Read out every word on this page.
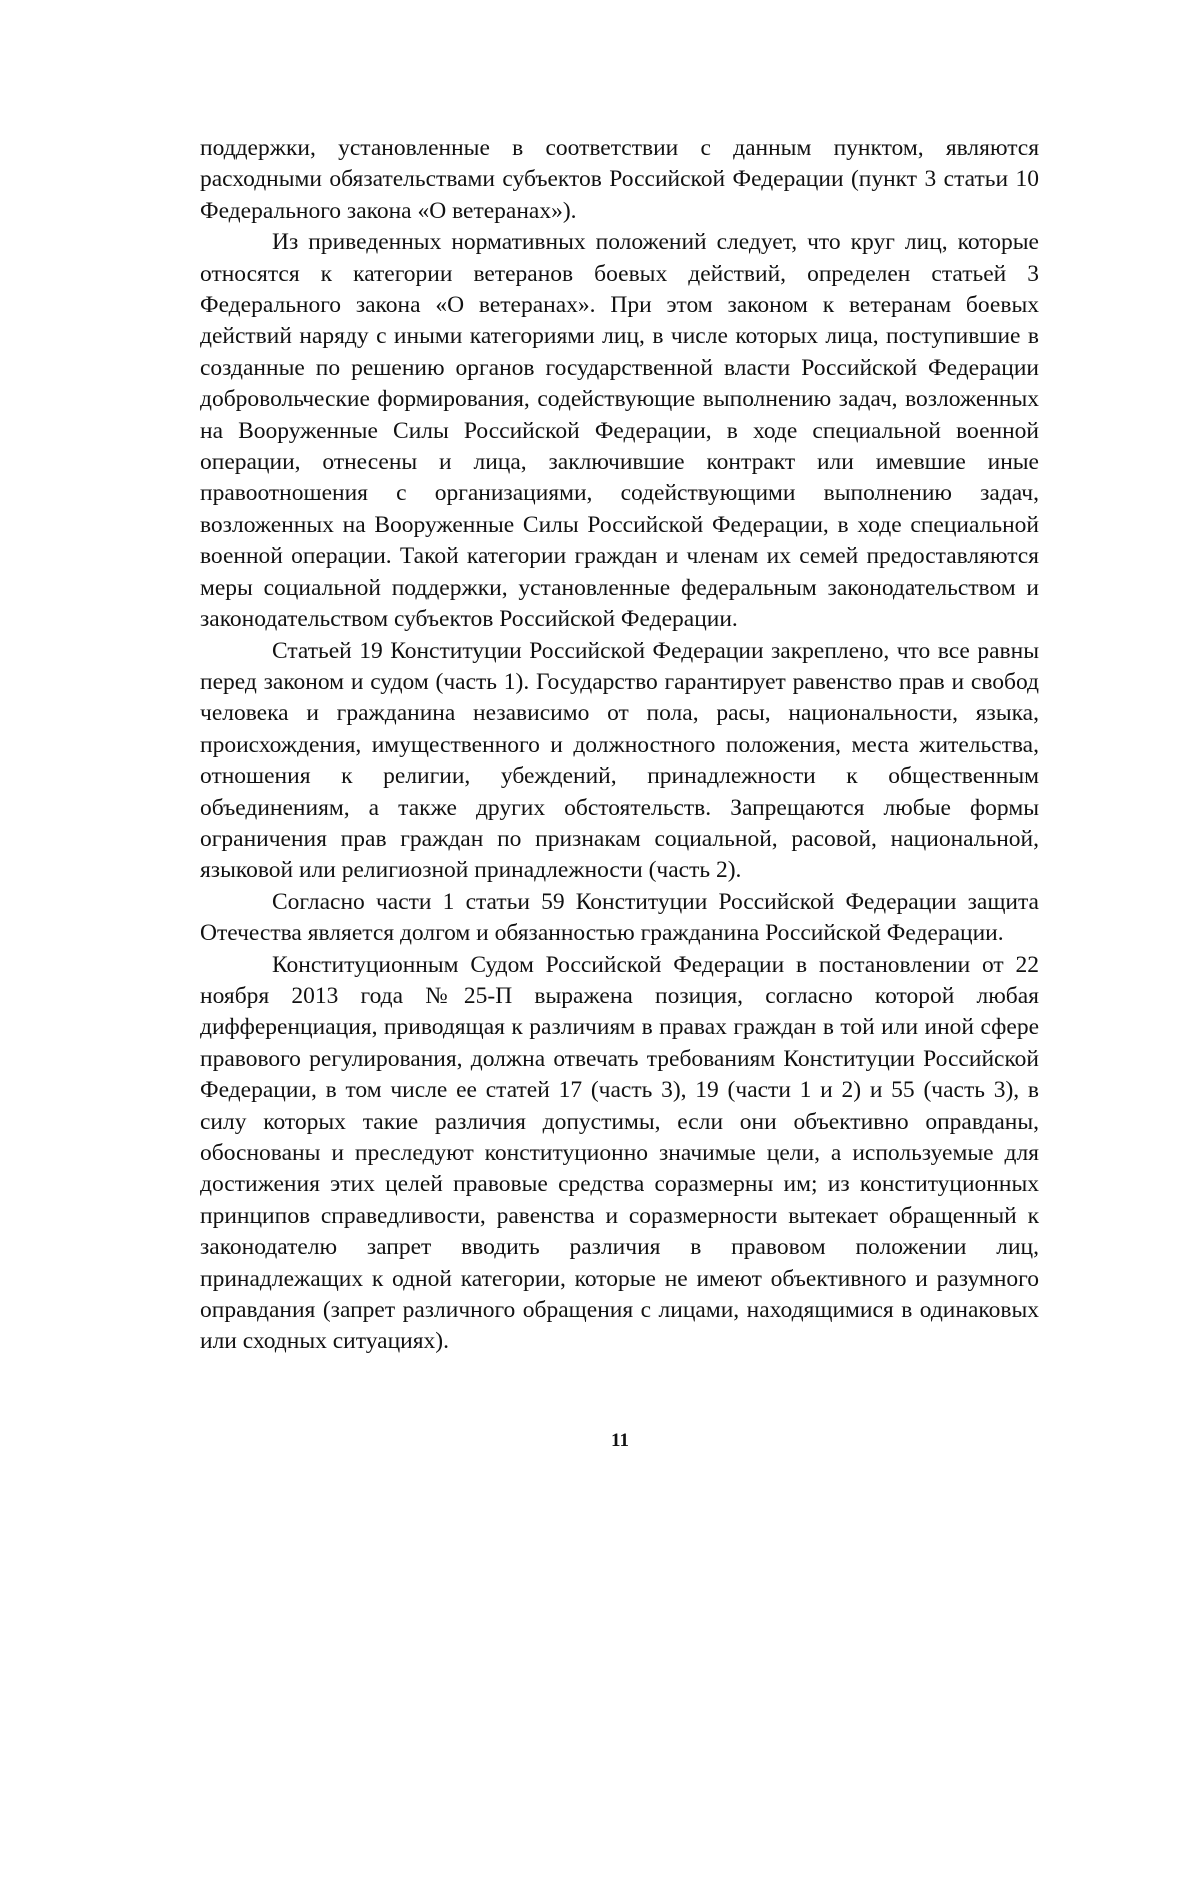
поддержки, установленные в соответствии с данным пунктом, являются расходными обязательствами субъектов Российской Федерации (пункт 3 статьи 10 Федерального закона «О ветеранах»).

Из приведенных нормативных положений следует, что круг лиц, которые относятся к категории ветеранов боевых действий, определен статьей 3 Федерального закона «О ветеранах». При этом законом к ветеранам боевых действий наряду с иными категориями лиц, в числе которых лица, поступившие в созданные по решению органов государственной власти Российской Федерации добровольческие формирования, содействующие выполнению задач, возложенных на Вооруженные Силы Российской Федерации, в ходе специальной военной операции, отнесены и лица, заключившие контракт или имевшие иные правоотношения с организациями, содействующими выполнению задач, возложенных на Вооруженные Силы Российской Федерации, в ходе специальной военной операции. Такой категории граждан и членам их семей предоставляются меры социальной поддержки, установленные федеральным законодательством и законодательством субъектов Российской Федерации.

Статьей 19 Конституции Российской Федерации закреплено, что все равны перед законом и судом (часть 1). Государство гарантирует равенство прав и свобод человека и гражданина независимо от пола, расы, национальности, языка, происхождения, имущественного и должностного положения, места жительства, отношения к религии, убеждений, принадлежности к общественным объединениям, а также других обстоятельств. Запрещаются любые формы ограничения прав граждан по признакам социальной, расовой, национальной, языковой или религиозной принадлежности (часть 2).

Согласно части 1 статьи 59 Конституции Российской Федерации защита Отечества является долгом и обязанностью гражданина Российской Федерации.

Конституционным Судом Российской Федерации в постановлении от 22 ноября 2013 года №25-П выражена позиция, согласно которой любая дифференциация, приводящая к различиям в правах граждан в той или иной сфере правового регулирования, должна отвечать требованиям Конституции Российской Федерации, в том числе ее статей 17 (часть 3), 19 (части 1 и 2) и 55 (часть 3), в силу которых такие различия допустимы, если они объективно оправданы, обоснованы и преследуют конституционно значимые цели, а используемые для достижения этих целей правовые средства соразмерны им; из конституционных принципов справедливости, равенства и соразмерности вытекает обращенный к законодателю запрет вводить различия в правовом положении лиц, принадлежащих к одной категории, которые не имеют объективного и разумного оправдания (запрет различного обращения с лицами, находящимися в одинаковых или сходных ситуациях).

11
